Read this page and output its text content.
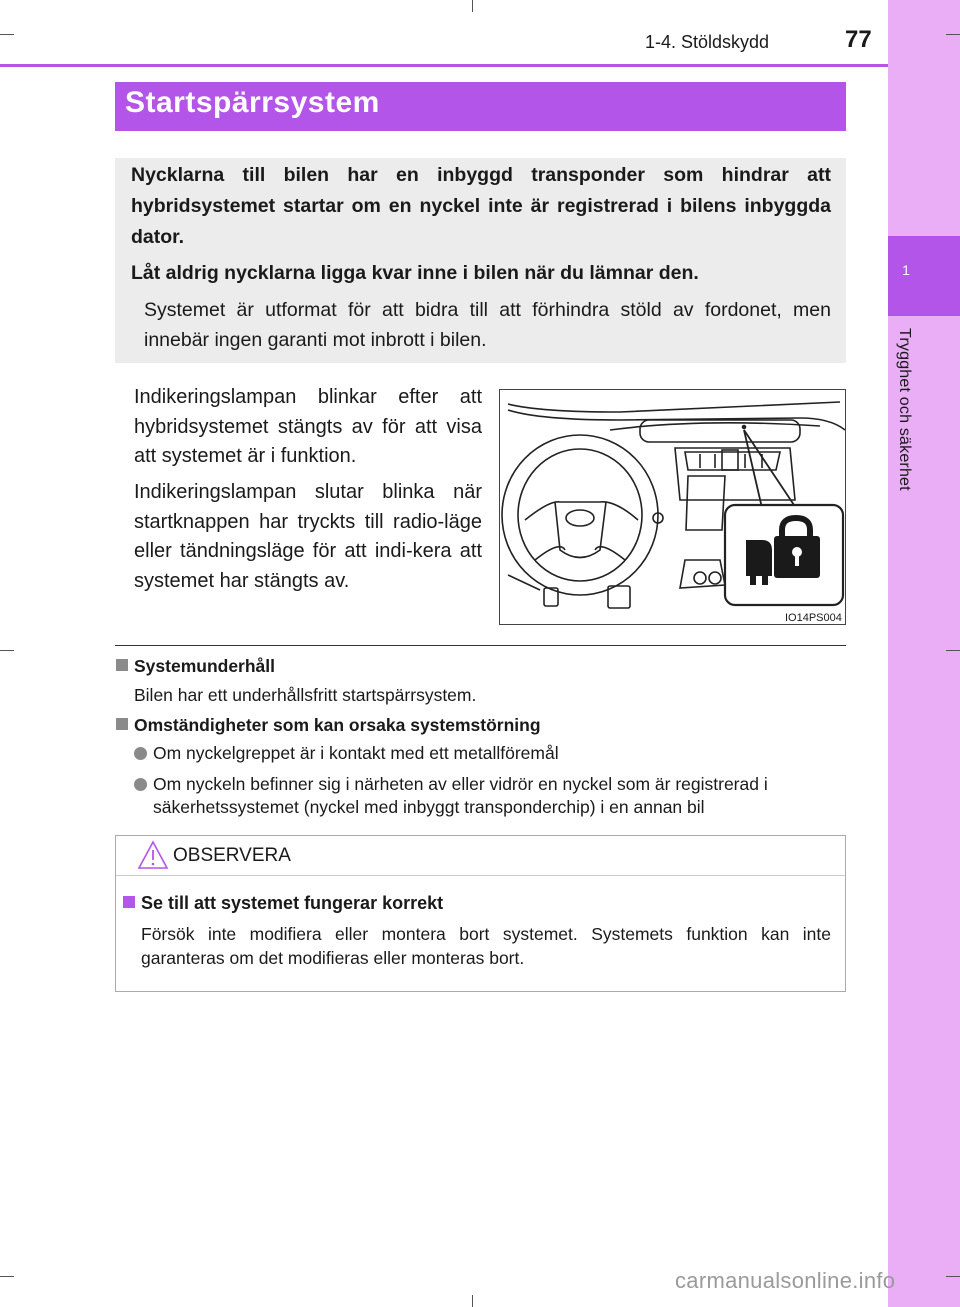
1
Trygghet och säkerhet
1-4. Stöldskydd	77
Startspärrsystem
Nycklarna till bilen har en inbyggd transponder som hindrar att hybridsystemet startar om en nyckel inte är registrerad i bilens inbyggda dator.
Låt aldrig nycklarna ligga kvar inne i bilen när du lämnar den.
Systemet är utformat för att bidra till att förhindra stöld av fordonet, men innebär ingen garanti mot inbrott i bilen.
Indikeringslampan blinkar efter att hybridsystemet stängts av för att visa att systemet är i funktion.
Indikeringslampan slutar blinka när startknappen har tryckts till radio-läge eller tändningsläge för att indi-kera att systemet har stängts av.
IO14PS004
Systemunderhåll
Bilen har ett underhållsfritt startspärrsystem.
Omständigheter som kan orsaka systemstörning
Om nyckelgreppet är i kontakt med ett metallföremål
Om nyckeln befinner sig i närheten av eller vidrör en nyckel som är registrerad i säkerhetssystemet (nyckel med inbyggt transponderchip) i en annan bil
OBSERVERA
Se till att systemet fungerar korrekt
Försök inte modifiera eller montera bort systemet. Systemets funktion kan inte garanteras om det modifieras eller monteras bort.
carmanualsonline.info
